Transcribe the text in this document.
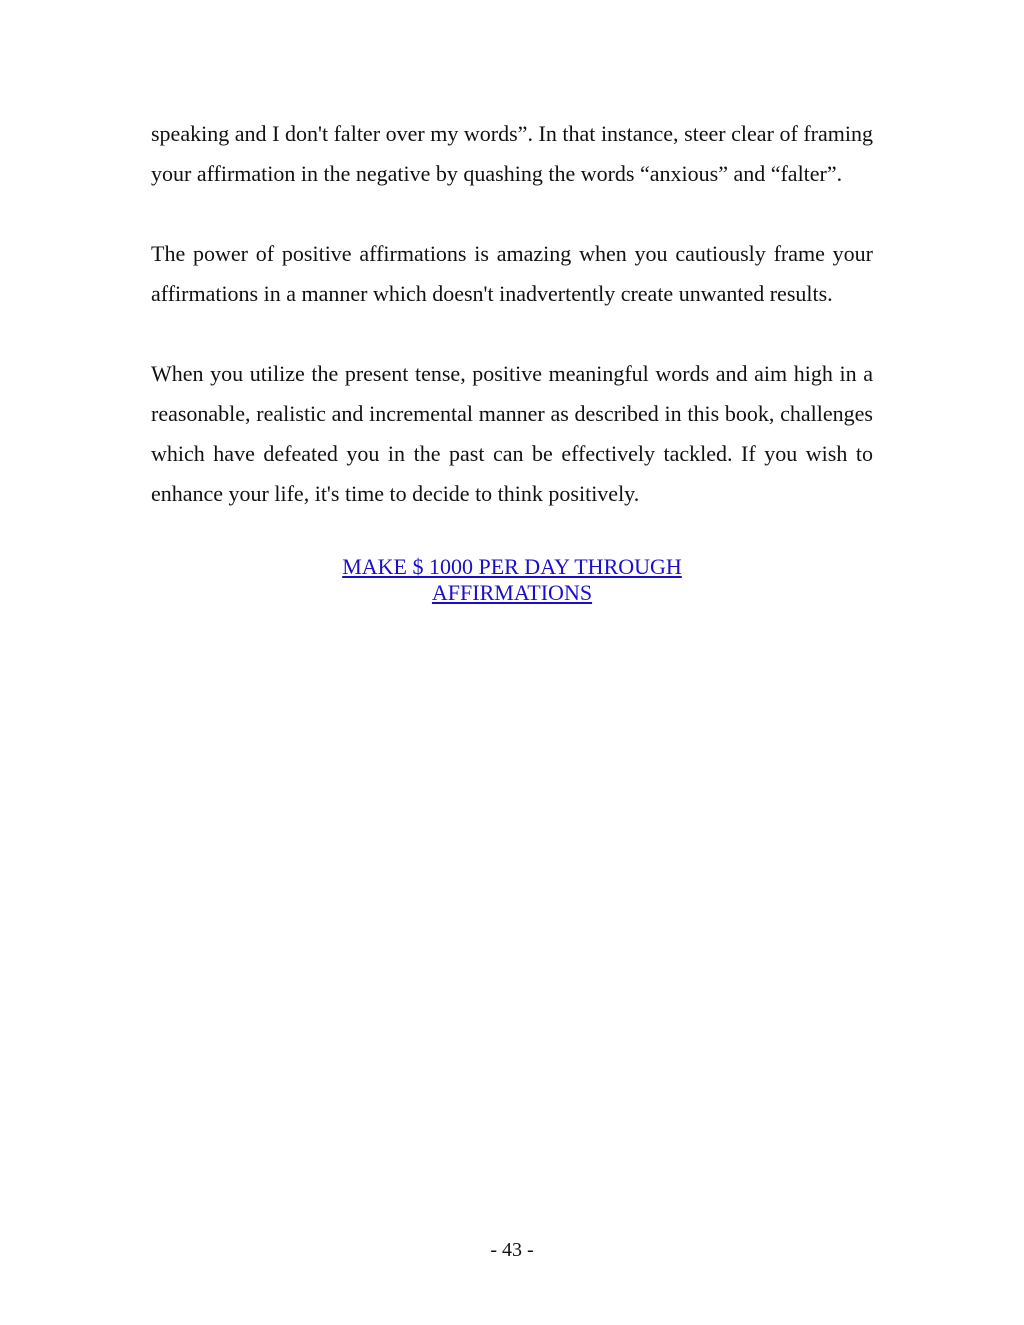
speaking and I don't falter over my words”. In that instance, steer clear of framing your affirmation in the negative by quashing the words “anxious” and “falter”.

The power of positive affirmations is amazing when you cautiously frame your affirmations in a manner which doesn't inadvertently create unwanted results.

When you utilize the present tense, positive meaningful words and aim high in a reasonable, realistic and incremental manner as described in this book, challenges which have defeated you in the past can be effectively tackled. If you wish to enhance your life, it's time to decide to think positively.

MAKE $ 1000 PER DAY THROUGH
AFFIRMATIONS
- 43 -
